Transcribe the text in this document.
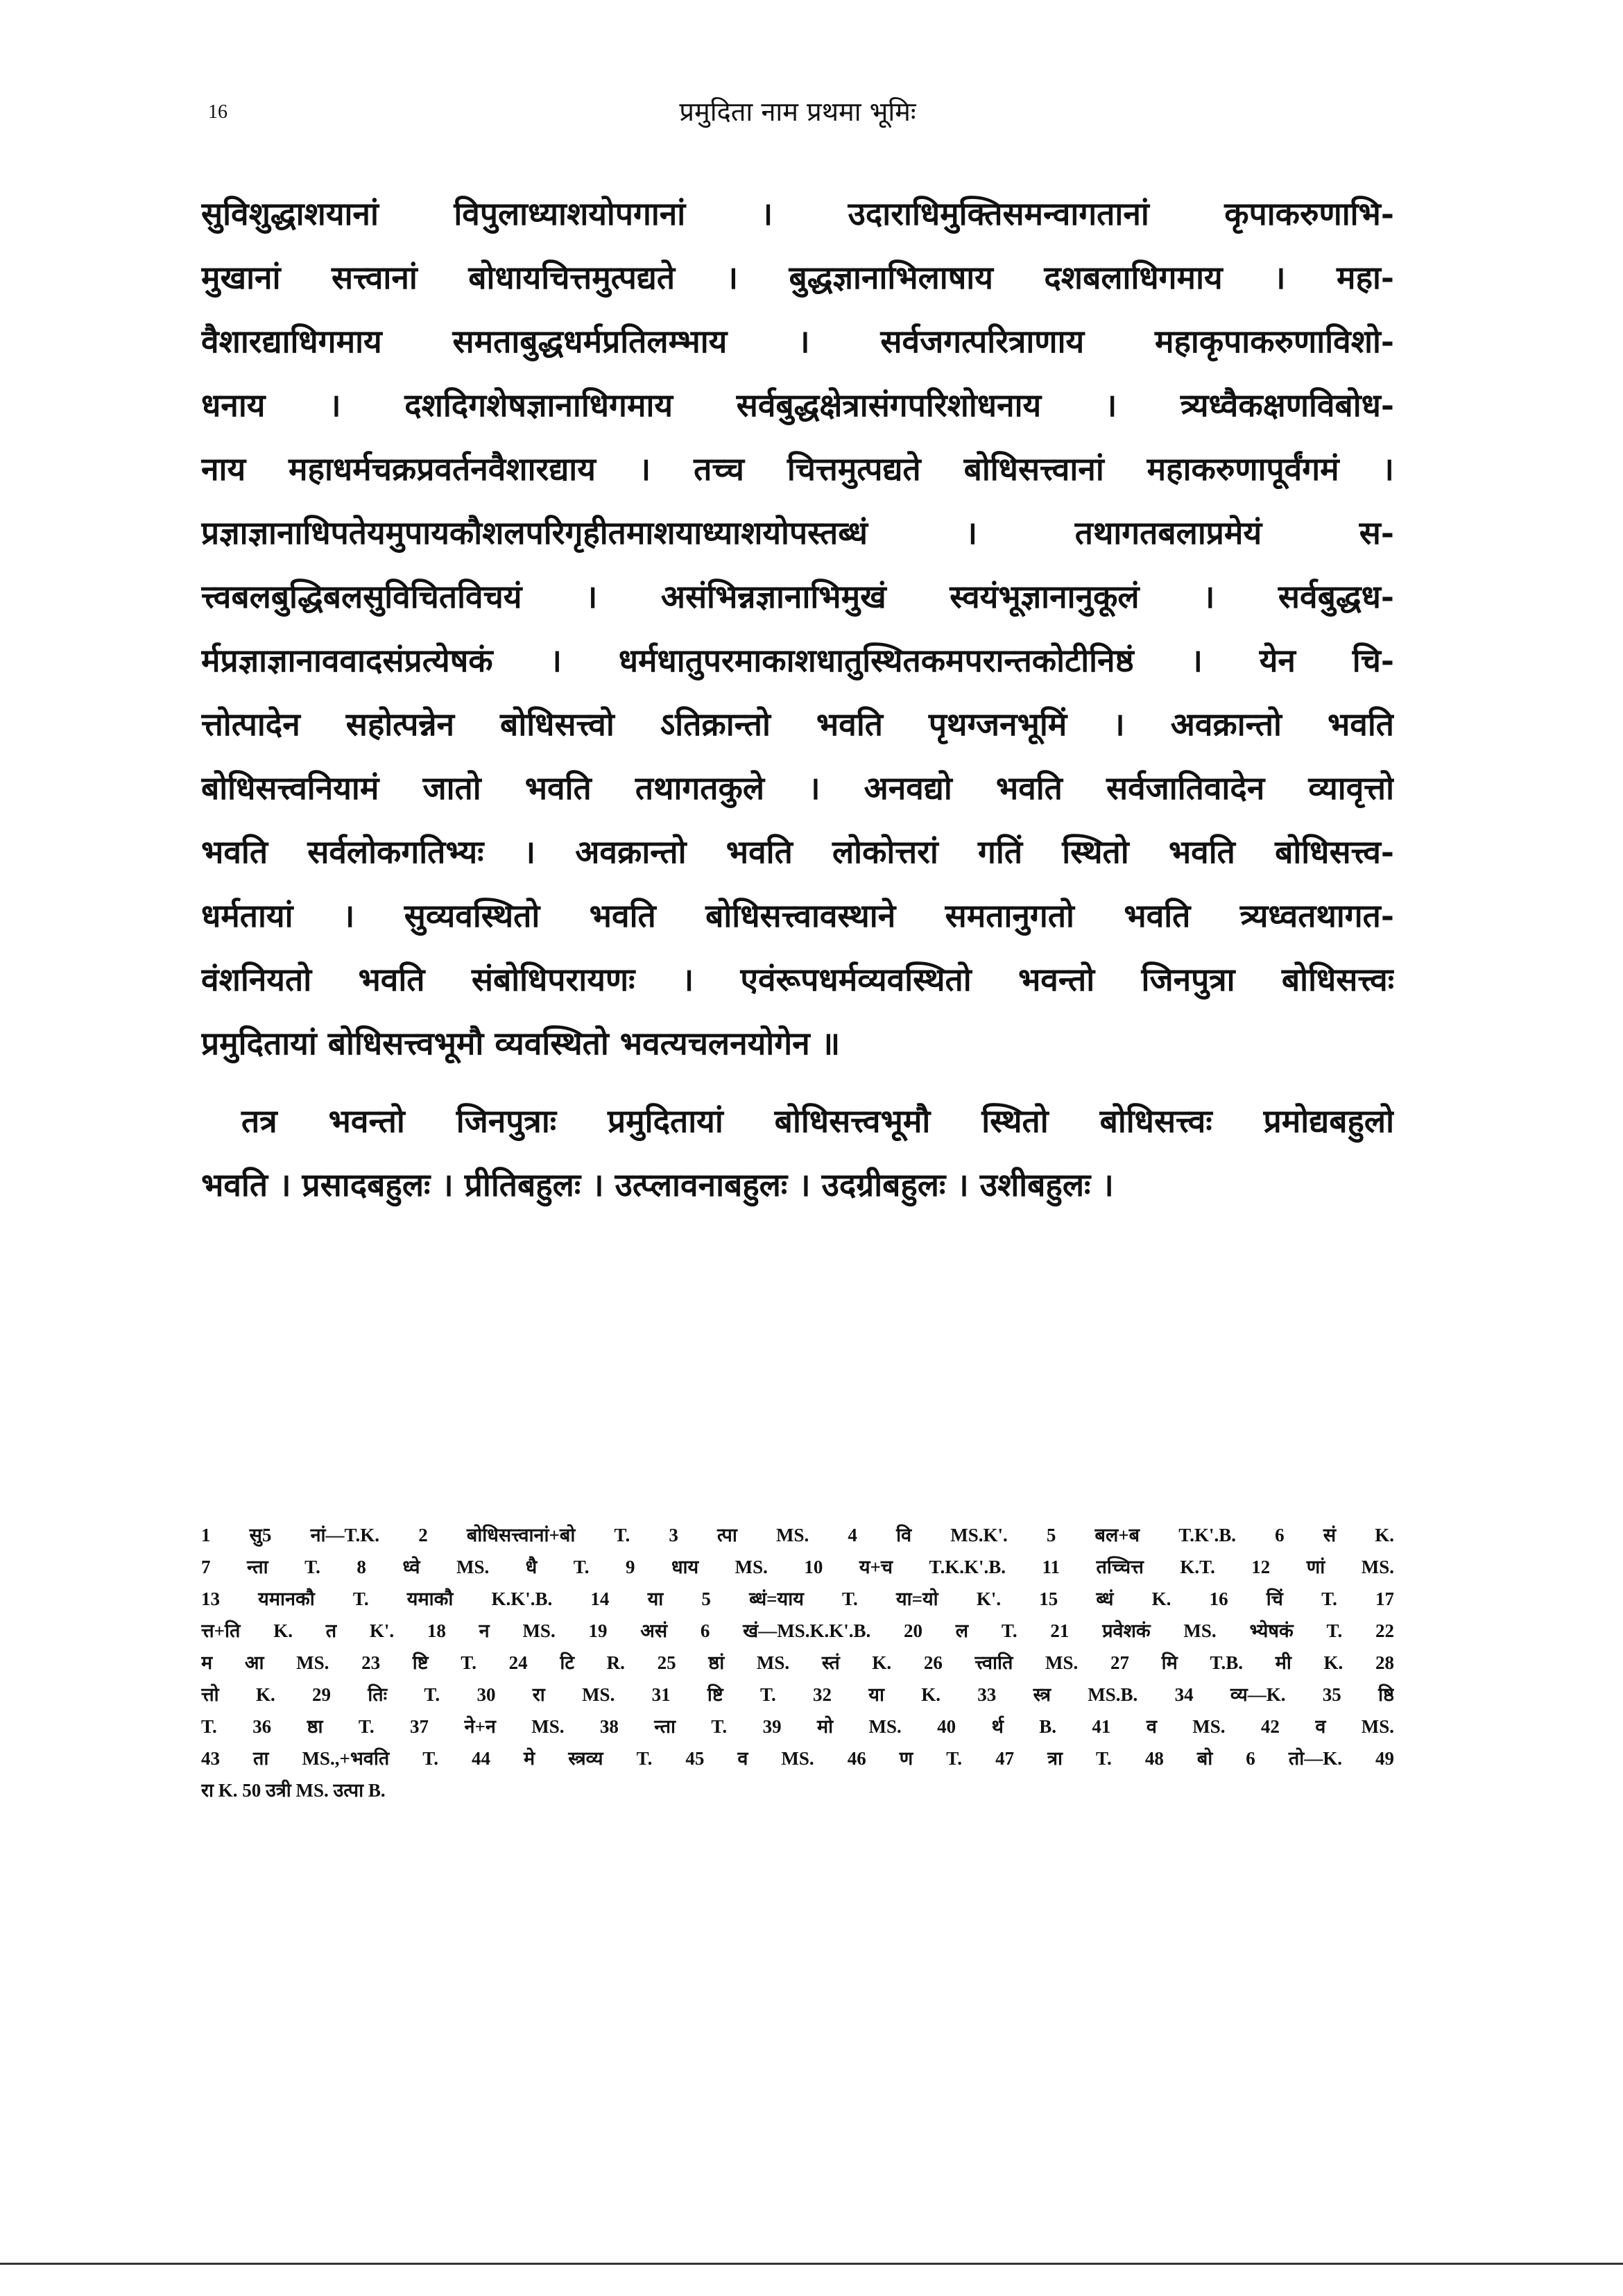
16	प्रमुदिता नाम प्रथमा भूमिः
सुविशुद्धाशयानां विपुलाध्याशयोपगानां । उदाराधिमुक्तिसमन्वागतानां कृपाकरुणाभि-
मुखानां सत्त्वानां बोधायचित्तमुत्पद्यते । बुद्धज्ञानाभिलाषाय दशबलाधिगमाय । महा-
वैशारद्याधिगमाय समताबुद्धधर्मप्रतिलम्भाय । सर्वजगत्परित्राणाय महाकृपाकरुणाविशो-
धनाय । दशदिगशेषज्ञानाधिगमाय सर्वबुद्धक्षेत्रासंगपरिशोधनाय । त्र्यध्वैकक्षणविबोध-
नाय महाधर्मचक्रप्रवर्तनवैशारद्याय । तच्च चित्तमुत्पद्यते बोधिसत्त्वानां महाकरुणापूर्वंगमं ।
प्रज्ञाज्ञानाधिपतेयमुपायकौशलपरिगृहीतमाशयाध्याशयोपस्तब्धं । तथागतबलाप्रमेयं स-
त्त्वबलबुद्धिबलसुविचितविचयं । असंभिन्नज्ञानाभिमुखं स्वयंभूज्ञानानुकूलं । सर्वबुद्धध-
र्मप्रज्ञाज्ञानाववादसंप्रत्येषकं । धर्मधातुपरमाकाशधातुस्थितकमपरान्तकोटीनिष्ठं । येन चि-
त्तोत्पादेन सहोत्पन्नेन बोधिसत्त्वो ऽतिक्रान्तो भवति पृथग्जनभूमिं । अवक्रान्तो भवति
बोधिसत्त्वनियामं जातो भवति तथागतकुले । अनवद्यो भवति सर्वजातिवादेन व्यावृत्तो
भवति सर्वलोकगतिभ्यः । अवक्रान्तो भवति लोकोत्तरां गतिं स्थितो भवति बोधिसत्त्व-
धर्मतायां । सुव्यवस्थितो भवति बोधिसत्त्वावस्थाने समतानुगतो भवति त्र्यध्वतथागत-
वंशनियतो भवति संबोधिपरायणः । एवंरूपधर्मव्यवस्थितो भवन्तो जिनपुत्रा बोधिसत्त्वः
प्रमुदितायां बोधिसत्त्वभूमौ व्यवस्थितो भवत्यचलनयोगेन ॥
तत्र भवन्तो जिनपुत्राः प्रमुदितायां बोधिसत्त्वभूमौ स्थितो बोधिसत्त्वः प्रमोद्यबहुलो
भवति । प्रसादबहुलः । प्रीतिबहुलः । उत्प्लावनाबहुलः । उदग्रीबहुलः । उशीबहुलः ।
1 सु5 नां—T.K. 2 बोधिसत्त्वानां+बो T. 3 त्पा MS. 4 वि MS.K'. 5 बल+ब T.K'.B. 6 सं K.
7 न्ता T. 8 ध्वे MS. धै T. 9 धाय MS. 10 य+च T.K.K'.B. 11 तच्चित्त K.T. 12 णां MS.
13 यमानकौ T. यमाकौ K.K'.B. 14 या 5 ब्धं=याय T. या=यो K'. 15 ब्धं K. 16 चिं T. 17
त्त+ति K. त K'. 18 न MS. 19 असं 6 खं—MS.K.K'.B. 20 ल T. 21 प्रवेशकं MS. भ्येषकं T. 22
म आ MS. 23 ष्टि T. 24 टि R. 25 ष्ठां MS. स्तं K. 26 त्त्वाति MS. 27 मि T.B. मी K. 28
त्तो K. 29 तिः T. 30 रा MS. 31 ष्टि T. 32 या K. 33 स्त्र MS.B. 34 व्य—K. 35 ष्ठि
T. 36 ष्ठा T. 37 ने+न MS. 38 न्ता T. 39 मो MS. 40 र्थ B. 41 व MS. 42 व MS.
43 ता MS.,+भवति T. 44 मे स्त्रव्य T. 45 व MS. 46 ण T. 47 त्रा T. 48 बो 6 तो—K. 49
रा K. 50 उत्री MS. उत्पा B.
